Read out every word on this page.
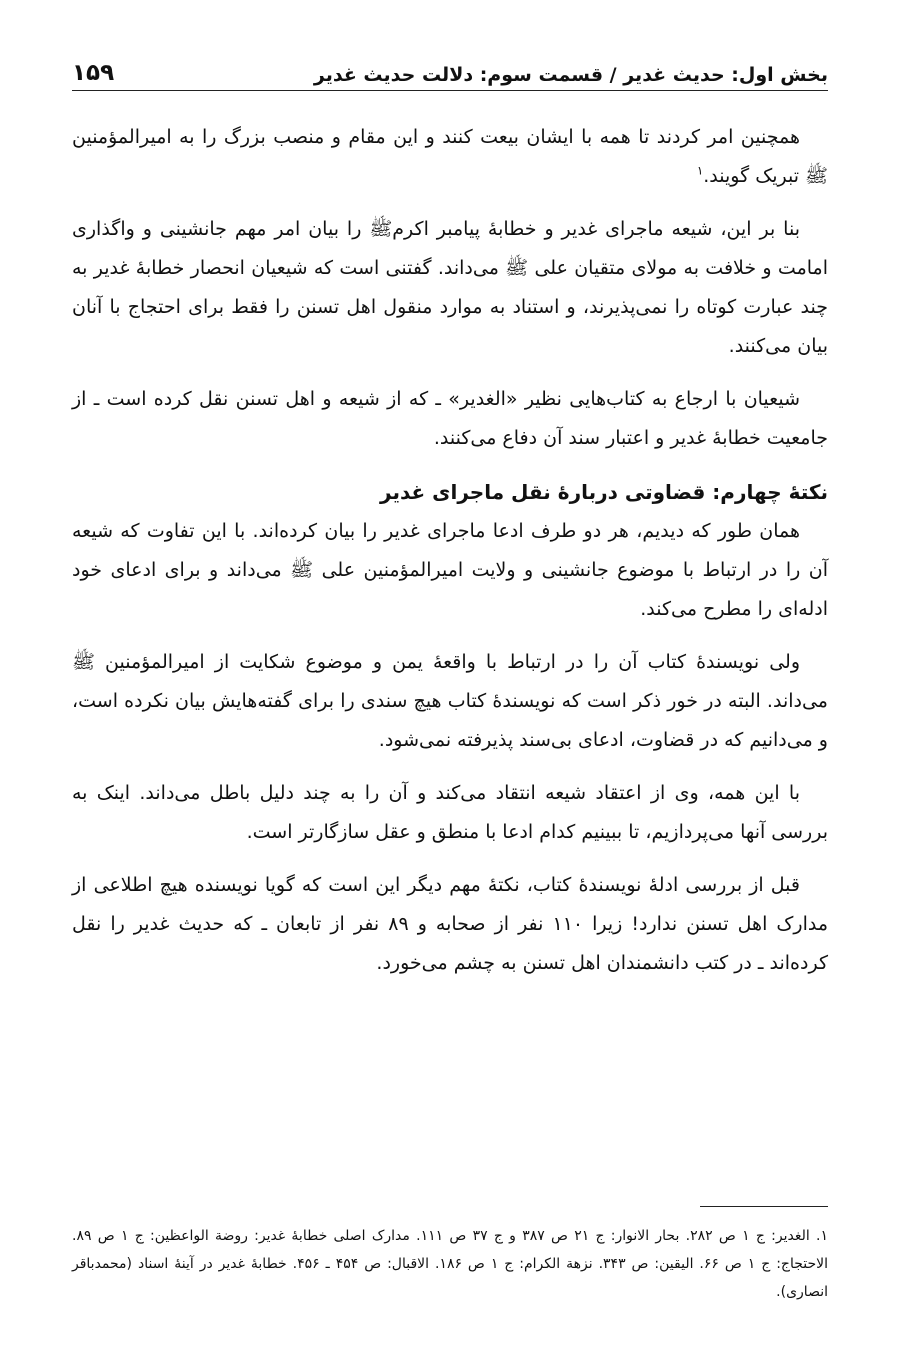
۱۵۹	بخش اول: حدیث غدیر / قسمت سوم: دلالت حدیث غدیر

همچنین امر کردند تا همه با ایشان بیعت کنند و این مقام و منصب بزرگ را به امیرالمؤمنین ﷺ تبریک گویند.$^۱$

بنا بر این، شیعه ماجرای غدیر و خطابهٔ پیامبر اکرمﷺ را بیان امر مهم جانشینی و واگذاری امامت و خلافت به مولای متقیان علی ﷺ می‌داند. گفتنی است که شیعیان انحصار خطابهٔ غدیر به چند عبارت کوتاه را نمی‌پذیرند، و استناد به موارد منقول اهل تسنن را فقط برای احتجاج با آنان بیان می‌کنند.

شیعیان با ارجاع به کتاب‌هایی نظیر «الغدیر» ـ که از شیعه و اهل تسنن نقل کرده است ـ از جامعیت خطابهٔ غدیر و اعتبار سند آن دفاع می‌کنند.

نکتهٔ چهارم: قضاوتی دربارهٔ نقل ماجرای غدیر

همان طور که دیدیم، هر دو طرف ادعا ماجرای غدیر را بیان کرده‌اند. با این تفاوت که شیعه آن را در ارتباط با موضوع جانشینی و ولایت امیرالمؤمنین علی ﷺ می‌داند و برای ادعای خود ادله‌ای را مطرح می‌کند.

ولی نویسندهٔ کتاب آن را در ارتباط با واقعهٔ یمن و موضوع شکایت از امیرالمؤمنین ﷺ می‌داند. البته در خور ذکر است که نویسندهٔ کتاب هیچ سندی را برای گفته‌هایش بیان نکرده است، و می‌دانیم که در قضاوت، ادعای بی‌سند پذیرفته نمی‌شود.

با این همه، وی از اعتقاد شیعه انتقاد می‌کند و آن را به چند دلیل باطل می‌داند. اینک به بررسی آنها می‌پردازیم، تا ببینیم کدام ادعا با منطق و عقل سازگارتر است.

قبل از بررسی ادلهٔ نویسندهٔ کتاب، نکتهٔ مهم دیگر این است که گویا نویسنده هیچ اطلاعی از مدارک اهل تسنن ندارد! زیرا ۱۱۰ نفر از صحابه و ۸۹ نفر از تابعان ـ که حدیث غدیر را نقل کرده‌اند ـ در کتب دانشمندان اهل تسنن به چشم می‌خورد.

۱. الغدیر: ج ۱ ص ۲۸۲. بحار الانوار: ج ۲۱ ص ۳۸۷ و ج ۳۷ ص ۱۱۱. مدارک اصلی خطابهٔ غدیر: روضة الواعظین: ج ۱ ص ۸۹. الاحتجاج: ج ۱ ص ۶۶. الیقین: ص ۳۴۳. نزهة الکرام: ج ۱ ص ۱۸۶. الاقبال: ص ۴۵۴ ـ ۴۵۶. خطابهٔ غدیر در آینهٔ اسناد (محمدباقر انصاری).
